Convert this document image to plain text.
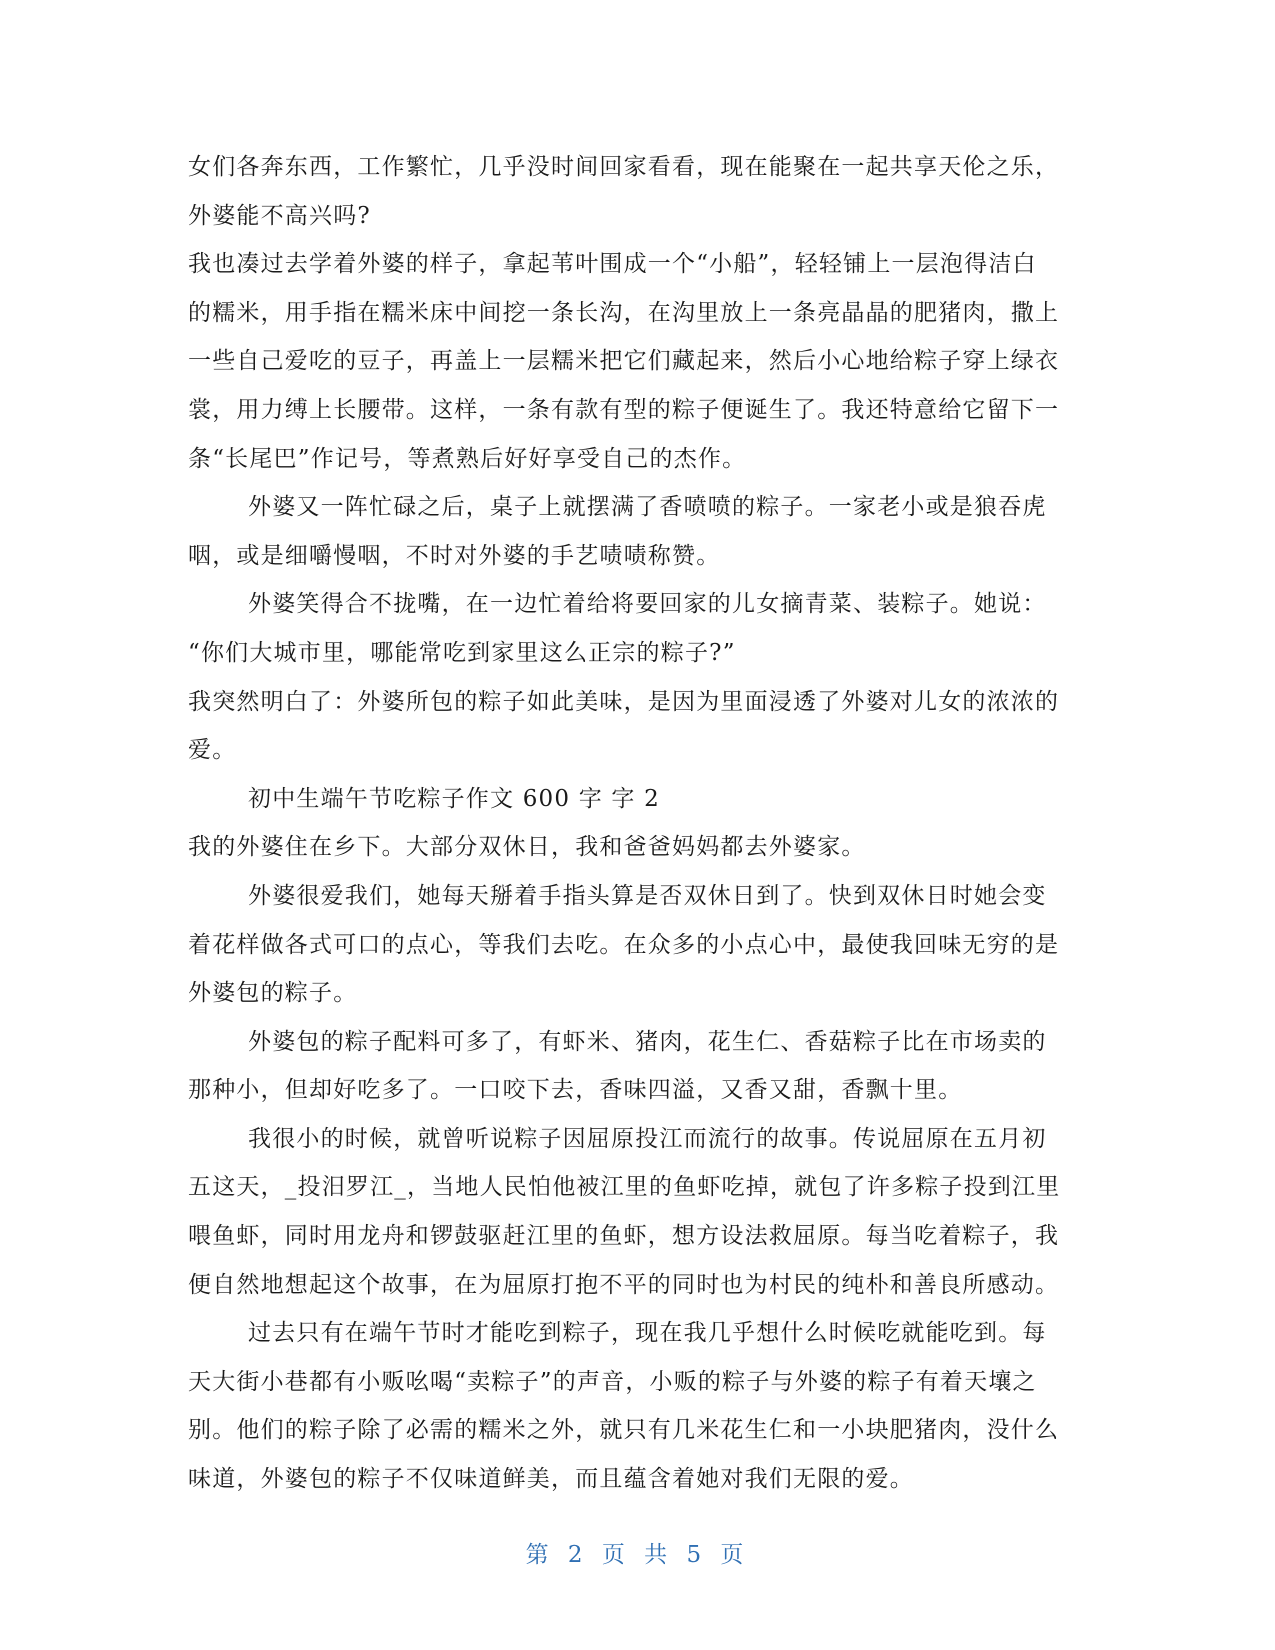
女们各奔东西，工作繁忙，几乎没时间回家看看，现在能聚在一起共享天伦之乐，
外婆能不高兴吗?
我也凑过去学着外婆的样子，拿起苇叶围成一个“小船”，轻轻铺上一层泡得洁白
的糯米，用手指在糯米床中间挖一条长沟，在沟里放上一条亮晶晶的肥猪肉，撒上
一些自己爱吃的豆子，再盖上一层糯米把它们藏起来，然后小心地给粽子穿上绿衣
裳，用力缚上长腰带。这样，一条有款有型的粽子便诞生了。我还特意给它留下一
条“长尾巴”作记号，等煮熟后好好享受自己的杰作。
外婆又一阵忙碌之后，桌子上就摆满了香喷喷的粽子。一家老小或是狼吞虎
咽，或是细嚼慢咽，不时对外婆的手艺啧啧称赞。
外婆笑得合不拢嘴，在一边忙着给将要回家的儿女摘青菜、装粽子。她说：
“你们大城市里，哪能常吃到家里这么正宗的粽子?”
我突然明白了：外婆所包的粽子如此美味，是因为里面浸透了外婆对儿女的浓浓的
爱。
初中生端午节吃粽子作文 600 字 字 2
我的外婆住在乡下。大部分双休日，我和爸爸妈妈都去外婆家。
外婆很爱我们，她每天掰着手指头算是否双休日到了。快到双休日时她会变
着花样做各式可口的点心，等我们去吃。在众多的小点心中，最使我回味无穷的是
外婆包的粽子。
外婆包的粽子配料可多了，有虾米、猪肉，花生仁、香菇粽子比在市场卖的
那种小，但却好吃多了。一口咬下去，香味四溢，又香又甜，香飘十里。
我很小的时候，就曾听说粽子因屈原投江而流行的故事。传说屈原在五月初
五这天，_投汨罗江_，当地人民怕他被江里的鱼虾吃掉，就包了许多粽子投到江里
喂鱼虾，同时用龙舟和锣鼓驱赶江里的鱼虾，想方设法救屈原。每当吃着粽子，我
便自然地想起这个故事，在为屈原打抱不平的同时也为村民的纯朴和善良所感动。
过去只有在端午节时才能吃到粽子，现在我几乎想什么时候吃就能吃到。每
天大街小巷都有小贩吆喝“卖粽子”的声音，小贩的粽子与外婆的粽子有着天壤之
别。他们的粽子除了必需的糯米之外，就只有几米花生仁和一小块肥猪肉，没什么
味道，外婆包的粽子不仅味道鲜美，而且蕴含着她对我们无限的爱。
第 2 页 共 5 页
